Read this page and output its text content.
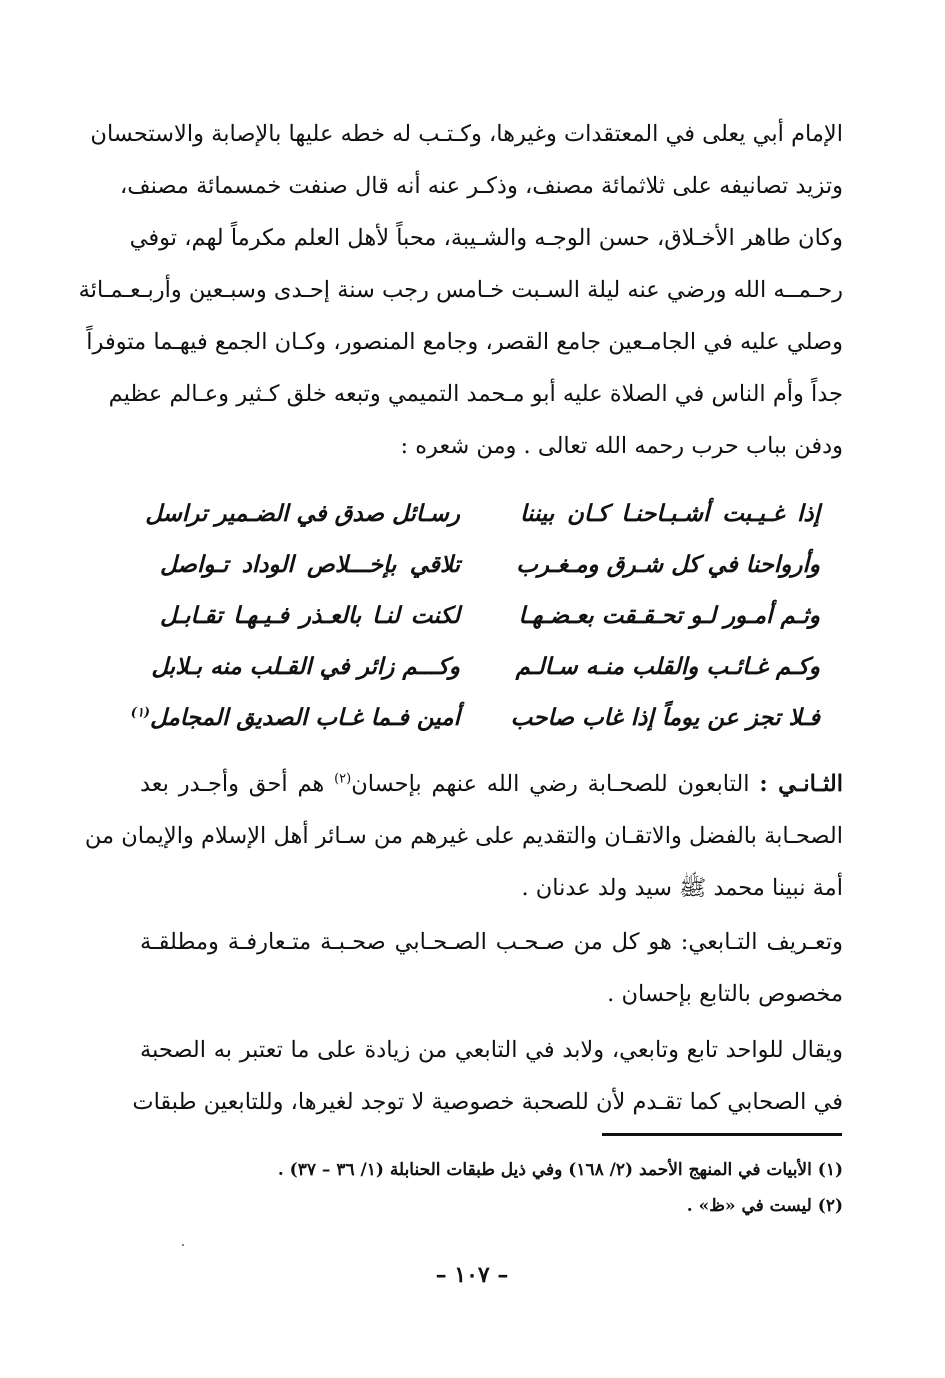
الإمام أبي يعلى في المعتقدات وغيرها، وكـتـب له خطه عليها بالإصابة والاستحسان
وتزيد تصانيفه على ثلاثمائة مصنف، وذكـر عنه أنه قال صنفت خمسمائة مصنف،
وكان طاهر الأخـلاق، حسن الوجـه والشـيبة، محباً لأهل العلم مكرماً لهم، توفي
رحـمــه الله ورضي عنه ليلة السـبت خـامس رجب سنة إحـدى وسبـعين وأربـعـمـائة
وصلي عليه في الجامـعين جامع القصر، وجامع المنصور، وكـان الجمع فيهـما متوفراً
جداً وأم الناس في الصلاة عليه أبو مـحمد التميمي وتبعه خلق كـثير وعـالم عظيم
ودفن بباب حرب رحمه الله تعالى . ومن شعره :
إذا غـيـبت أشـبـاحنـا كـان بيننا
رسـائل صدق في الضـمير تراسل
وأرواحنا في كل شـرق ومـغـرب
تلاقي بإخـــلاص الوداد تـواصل
وثـم أمـور لـو تحـقـقت بعـضـهـا
لكنت لنـا بالعـذر فـيـهـا تقـابـل
وكـم غـائـب والقلب منـه سـالـم
وكـــم زائر في القـلب منه بـلابل
فـلا تجز عن يوماً إذا غاب صاحب
أمين فـما غـاب الصديق المجامل$^{(١)}$
الثـانـي : التابعون للصحـابة رضي الله عنهم بإحسان$^{(٢)}$ هم أحق وأجـدر بعد
الصحـابة بالفضل والاتقـان والتقديم على غيرهم من سـائر أهل الإسلام والإيمان من
أمة نبينا محمد ﷺ سيد ولد عدنان .
وتعـريف التـابعي: هو كل من صـحـب الصـحـابي صحـبـة متـعارفـة ومطلقـة
مخصوص بالتابع بإحسان .
ويقال للواحد تابع وتابعي، ولابد في التابعي من زيادة على ما تعتبر به الصحبة
في الصحابي كما تقـدم لأن للصحبة خصوصية لا توجد لغيرها، وللتابعين طبقات
(١) الأبيات في المنهج الأحمد (٢/ ١٦٨) وفي ذيل طبقات الحنابلة (١/ ٣٦ – ٣٧) .
(٢) ليست في «ظ» .
– ١٠٧ –
